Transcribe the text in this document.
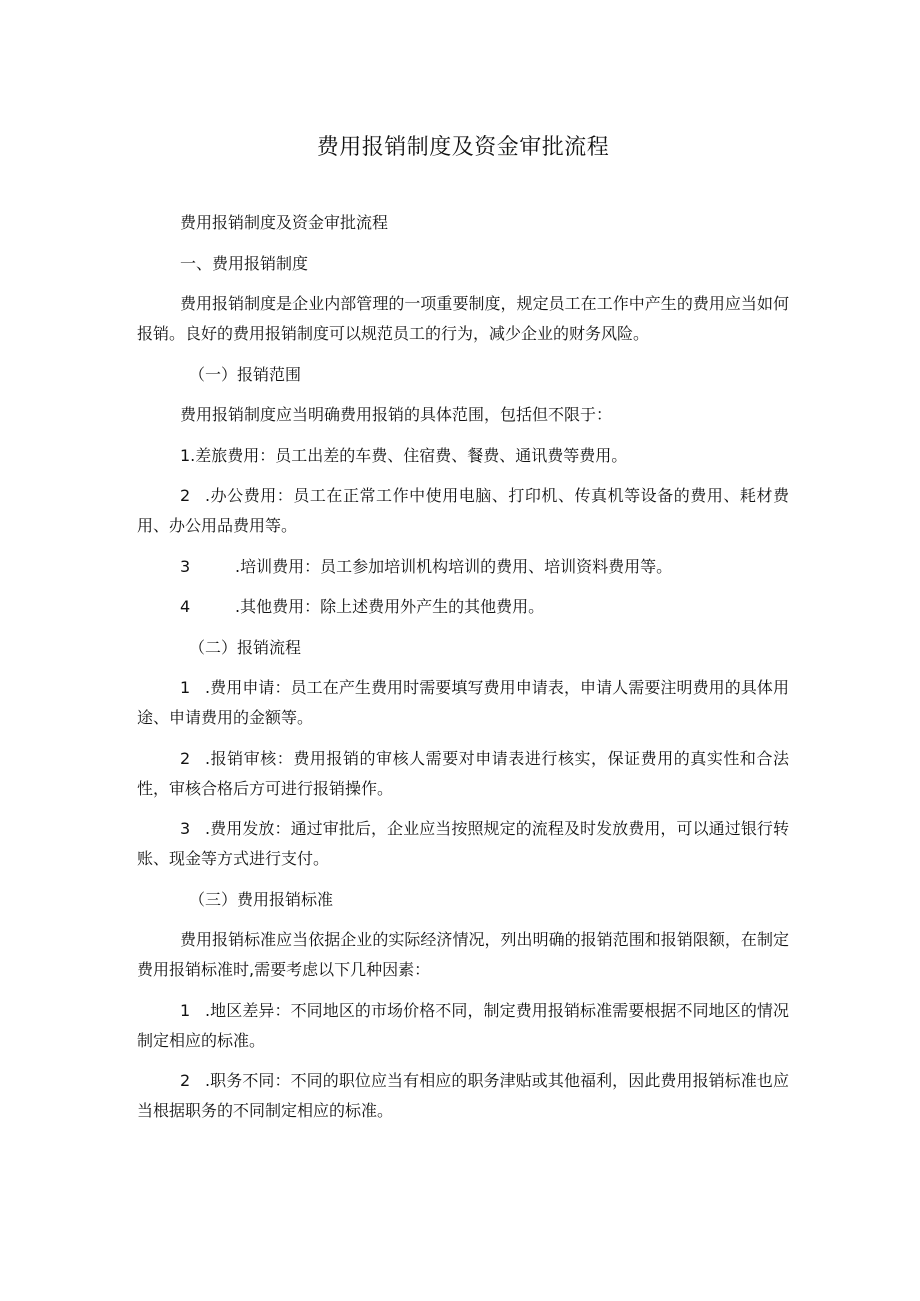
费用报销制度及资金审批流程

费用报销制度及资金审批流程

一、费用报销制度

费用报销制度是企业内部管理的一项重要制度，规定员工在工作中产生的费用应当如何报销。良好的费用报销制度可以规范员工的行为，减少企业的财务风险。

（一）报销范围

费用报销制度应当明确费用报销的具体范围，包括但不限于：

1.差旅费用：员工出差的车费、住宿费、餐费、通讯费等费用。

2 .办公费用：员工在正常工作中使用电脑、打印机、传真机等设备的费用、耗材费用、办公用品费用等。

3	.培训费用：员工参加培训机构培训的费用、培训资料费用等。

4	.其他费用：除上述费用外产生的其他费用。

（二）报销流程

1 .费用申请：员工在产生费用时需要填写费用申请表，申请人需要注明费用的具体用途、申请费用的金额等。

2 .报销审核：费用报销的审核人需要对申请表进行核实，保证费用的真实性和合法性，审核合格后方可进行报销操作。

3 .费用发放：通过审批后，企业应当按照规定的流程及时发放费用，可以通过银行转账、现金等方式进行支付。

（三）费用报销标准

费用报销标准应当依据企业的实际经济情况，列出明确的报销范围和报销限额，在制定费用报销标准时,需要考虑以下几种因素：

1 .地区差异：不同地区的市场价格不同，制定费用报销标准需要根据不同地区的情况制定相应的标准。

2 .职务不同：不同的职位应当有相应的职务津贴或其他福利，因此费用报销标准也应当根据职务的不同制定相应的标准。
